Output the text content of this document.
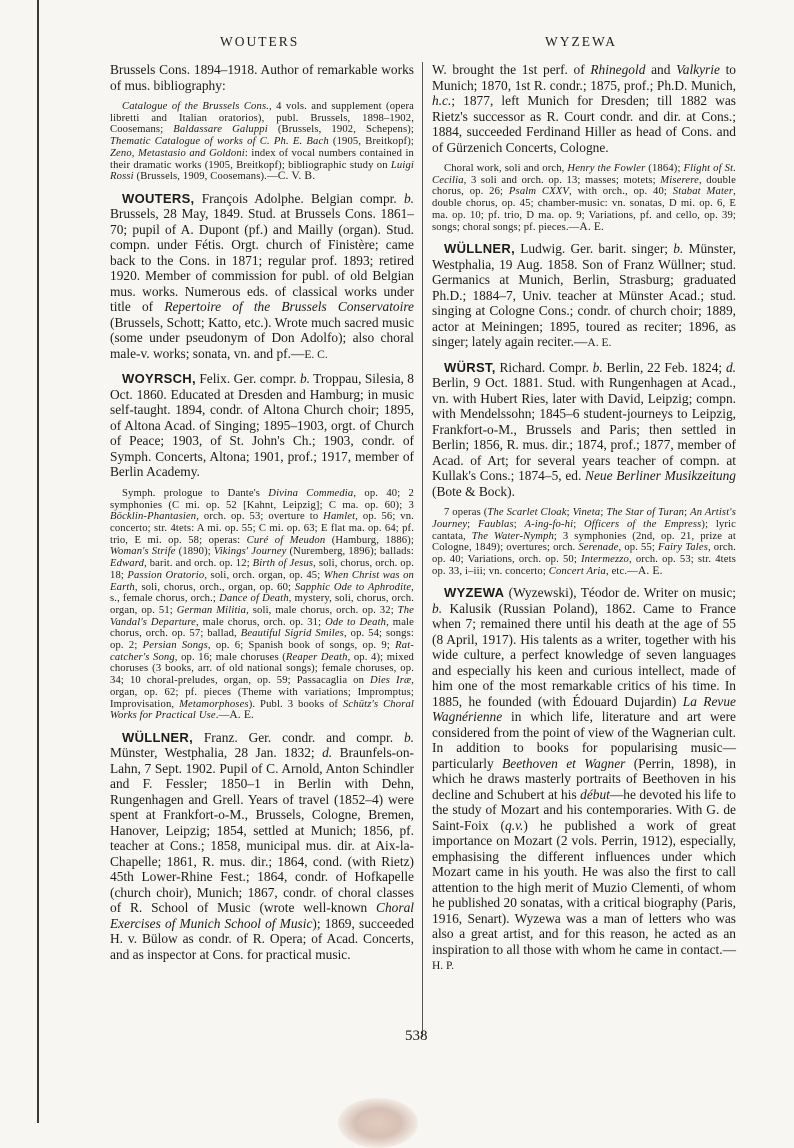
WOUTERS	WYZEWA

Brussels Cons. 1894–1918. Author of remarkable works of mus. bibliography:

Catalogue of the Brussels Cons., 4 vols. and supplement (opera libretti and Italian oratorios), publ. Brussels, 1898–1902, Coosemans; Baldassare Galuppi (Brussels, 1902, Schepens); Thematic Catalogue of works of C. Ph. E. Bach (1905, Breitkopf); Zeno, Metastasio and Goldoni: index of vocal numbers contained in their dramatic works (1905, Breitkopf); bibliographic study on Luigi Rossi (Brussels, 1909, Coosemans).—C. V. B.

WOUTERS, François Adolphe. Belgian compr. b. Brussels, 28 May, 1849. Stud. at Brussels Cons. 1861–70; pupil of A. Dupont (pf.) and Mailly (organ). Stud. compn. under Fétis. Orgt. church of Finistère; came back to the Cons. in 1871; regular prof. 1893; retired 1920. Member of commission for publ. of old Belgian mus. works. Numerous eds. of classical works under title of Repertoire of the Brussels Conservatoire (Brussels, Schott; Katto, etc.). Wrote much sacred music (some under pseudonym of Don Adolfo); also choral male-v. works; sonata, vn. and pf.—E. C.

WOYRSCH, Felix. Ger. compr. b. Troppau, Silesia, 8 Oct. 1860. Educated at Dresden and Hamburg; in music self-taught. 1894, condr. of Altona Church choir; 1895, of Altona Acad. of Singing; 1895–1903, orgt. of Church of Peace; 1903, of St. John's Ch.; 1903, condr. of Symph. Concerts, Altona; 1901, prof.; 1917, member of Berlin Academy.

Symph. prologue to Dante's Divina Commedia, op. 40; 2 symphonies (C mi. op. 52 [Kahnt, Leipzig]; C ma. op. 60); 3 Böcklin-Phantasien, orch. op. 53; overture to Hamlet, op. 56; vn. concerto; str. 4tets: A mi. op. 55; C mi. op. 63; E flat ma. op. 64; pf. trio, E mi. op. 58; operas: Curé of Meudon (Hamburg, 1886); Woman's Strife (1890); Vikings' Journey (Nuremberg, 1896); ballads: Edward, barit. and orch. op. 12; Birth of Jesus, soli, chorus, orch. op. 18; Passion Oratorio, soli, orch. organ, op. 45; When Christ was on Earth, soli, chorus, orch., organ, op. 60; Sapphic Ode to Aphrodite, s., female chorus, orch.; Dance of Death, mystery, soli, chorus, orch. organ, op. 51; German Militia, soli, male chorus, orch. op. 32; The Vandal's Departure, male chorus, orch. op. 31; Ode to Death, male chorus, orch. op. 57; ballad, Beautiful Sigrid Smiles, op. 54; songs: op. 2; Persian Songs, op. 6; Spanish book of songs, op. 9; Rat-catcher's Song, op. 16; male choruses (Reaper Death, op. 4); mixed choruses (3 books, arr. of old national songs); female choruses, op. 34; 10 choral-preludes, organ, op. 59; Passacaglia on Dies Iræ, organ, op. 62; pf. pieces (Theme with variations; Impromptus; Improvisation, Metamorphoses). Publ. 3 books of Schütz's Choral Works for Practical Use.—A. E.

WÜLLNER, Franz. Ger. condr. and compr. b. Münster, Westphalia, 28 Jan. 1832; d. Braunfels-on-Lahn, 7 Sept. 1902. Pupil of C. Arnold, Anton Schindler and F. Fessler; 1850–1 in Berlin with Dehn, Rungenhagen and Grell. Years of travel (1852–4) were spent at Frankfort-o-M., Brussels, Cologne, Bremen, Hanover, Leipzig; 1854, settled at Munich; 1856, pf. teacher at Cons.; 1858, municipal mus. dir. at Aix-la-Chapelle; 1861, R. mus. dir.; 1864, cond. (with Rietz) 45th Lower-Rhine Fest.; 1864, condr. of Hofkapelle (church choir), Munich; 1867, condr. of choral classes of R. School of Music (wrote well-known Choral Exercises of Munich School of Music); 1869, succeeded H. v. Bülow as condr. of R. Opera; of Acad. Concerts, and as inspector at Cons. for practical music.

W. brought the 1st perf. of Rhinegold and Valkyrie to Munich; 1870, 1st R. condr.; 1875, prof.; Ph.D. Munich, h.c.; 1877, left Munich for Dresden; till 1882 was Rietz's successor as R. Court condr. and dir. at Cons.; 1884, succeeded Ferdinand Hiller as head of Cons. and of Gürzenich Concerts, Cologne.

Choral work, soli and orch, Henry the Fowler (1864); Flight of St. Cecilia, 3 soli and orch. op. 13; masses; motets; Miserere, double chorus, op. 26; Psalm CXXV, with orch., op. 40; Stabat Mater, double chorus, op. 45; chamber-music: vn. sonatas, D mi. op. 6, E ma. op. 10; pf. trio, D ma. op. 9; Variations, pf. and cello, op. 39; songs; choral songs; pf. pieces.—A. E.

WÜLLNER, Ludwig. Ger. barit. singer; b. Münster, Westphalia, 19 Aug. 1858. Son of Franz Wüllner; stud. Germanics at Munich, Berlin, Strasburg; graduated Ph.D.; 1884–7, Univ. teacher at Münster Acad.; stud. singing at Cologne Cons.; condr. of church choir; 1889, actor at Meiningen; 1895, toured as reciter; 1896, as singer; lately again reciter.—A. E.

WÜRST, Richard. Compr. b. Berlin, 22 Feb. 1824; d. Berlin, 9 Oct. 1881. Stud. with Rungenhagen at Acad., vn. with Hubert Ries, later with David, Leipzig; compn. with Mendelssohn; 1845–6 student-journeys to Leipzig, Frankfort-o-M., Brussels and Paris; then settled in Berlin; 1856, R. mus. dir.; 1874, prof.; 1877, member of Acad. of Art; for several years teacher of compn. at Kullak's Cons.; 1874–5, ed. Neue Berliner Musikzeitung (Bote & Bock).

7 operas (The Scarlet Cloak; Vineta; The Star of Turan; An Artist's Journey; Faublas; A-ing-fo-hi; Officers of the Empress); lyric cantata, The Water-Nymph; 3 symphonies (2nd, op. 21, prize at Cologne, 1849); overtures; orch. Serenade, op. 55; Fairy Tales, orch. op. 40; Variations, orch. op. 50; Intermezzo, orch. op. 53; str. 4tets op. 33, i–iii; vn. concerto; Concert Aria, etc.—A. E.

WYZEWA (Wyzewski), Téodor de. Writer on music; b. Kalusik (Russian Poland), 1862. Came to France when 7; remained there until his death at the age of 55 (8 April, 1917). His talents as a writer, together with his wide culture, a perfect knowledge of seven languages and especially his keen and curious intellect, made of him one of the most remarkable critics of his time. In 1885, he founded (with Édouard Dujardin) La Revue Wagnérienne in which life, literature and art were considered from the point of view of the Wagnerian cult. In addition to books for popularising music—particularly Beethoven et Wagner (Perrin, 1898), in which he draws masterly portraits of Beethoven in his decline and Schubert at his début—he devoted his life to the study of Mozart and his contemporaries. With G. de Saint-Foix (q.v.) he published a work of great importance on Mozart (2 vols. Perrin, 1912), especially, emphasising the different influences under which Mozart came in his youth. He was also the first to call attention to the high merit of Muzio Clementi, of whom he published 20 sonatas, with a critical biography (Paris, 1916, Senart). Wyzewa was a man of letters who was also a great artist, and for this reason, he acted as an inspiration to all those with whom he came in contact.—H. P.

538
